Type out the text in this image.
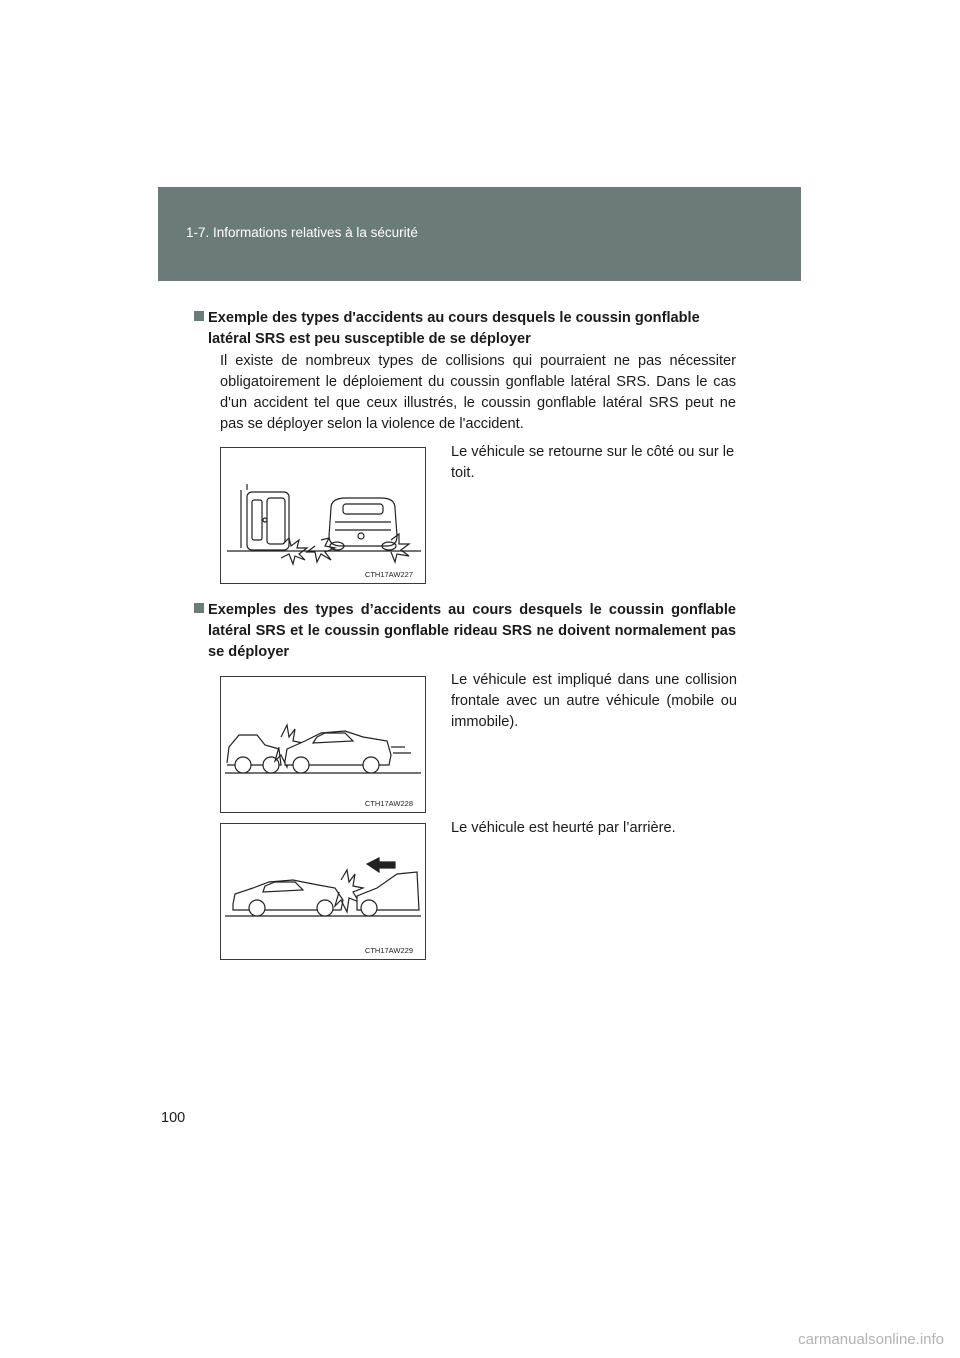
1-7. Informations relatives à la sécurité
Exemple des types d'accidents au cours desquels le coussin gonflable latéral SRS est peu susceptible de se déployer
Il existe de nombreux types de collisions qui pourraient ne pas nécessiter obligatoirement le déploiement du coussin gonflable latéral SRS. Dans le cas d'un accident tel que ceux illustrés, le coussin gonflable latéral SRS peut ne pas se déployer selon la violence de l'accident.
CTH17AW227
Le véhicule se retourne sur le côté ou sur le toit.
Exemples des types d’accidents au cours desquels le coussin gonflable latéral SRS et le coussin gonflable rideau SRS ne doivent normalement pas se déployer
CTH17AW228
Le véhicule est impliqué dans une collision frontale avec un autre véhicule (mobile ou immobile).
CTH17AW229
Le véhicule est heurté par l’arrière.
100
carmanualsonline.info
